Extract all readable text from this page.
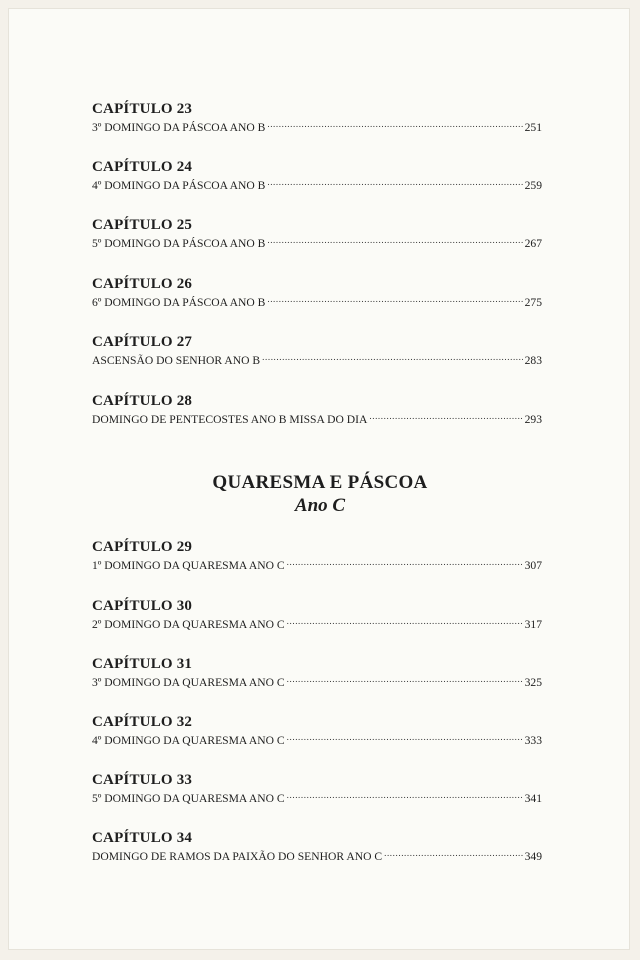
CAPÍTULO 23
3º DOMINGO DA PÁSCOA ANO B .....	251
CAPÍTULO 24
4º DOMINGO DA PÁSCOA ANO B .....	259
CAPÍTULO 25
5º DOMINGO DA PÁSCOA ANO B .....	267
CAPÍTULO 26
6º DOMINGO DA PÁSCOA ANO B .....	275
CAPÍTULO 27
ASCENSÃO DO SENHOR ANO B .....	283
CAPÍTULO 28
DOMINGO DE PENTECOSTES ANO B MISSA DO DIA .....	293
QUARESMA E PÁSCOA
Ano C
CAPÍTULO 29
1º DOMINGO DA QUARESMA ANO C .....	307
CAPÍTULO 30
2º DOMINGO DA QUARESMA ANO C .....	317
CAPÍTULO 31
3º DOMINGO DA QUARESMA ANO C .....	325
CAPÍTULO 32
4º DOMINGO DA QUARESMA ANO C .....	333
CAPÍTULO 33
5º DOMINGO DA QUARESMA ANO C .....	341
CAPÍTULO 34
DOMINGO DE RAMOS DA PAIXÃO DO SENHOR ANO C .....	349
